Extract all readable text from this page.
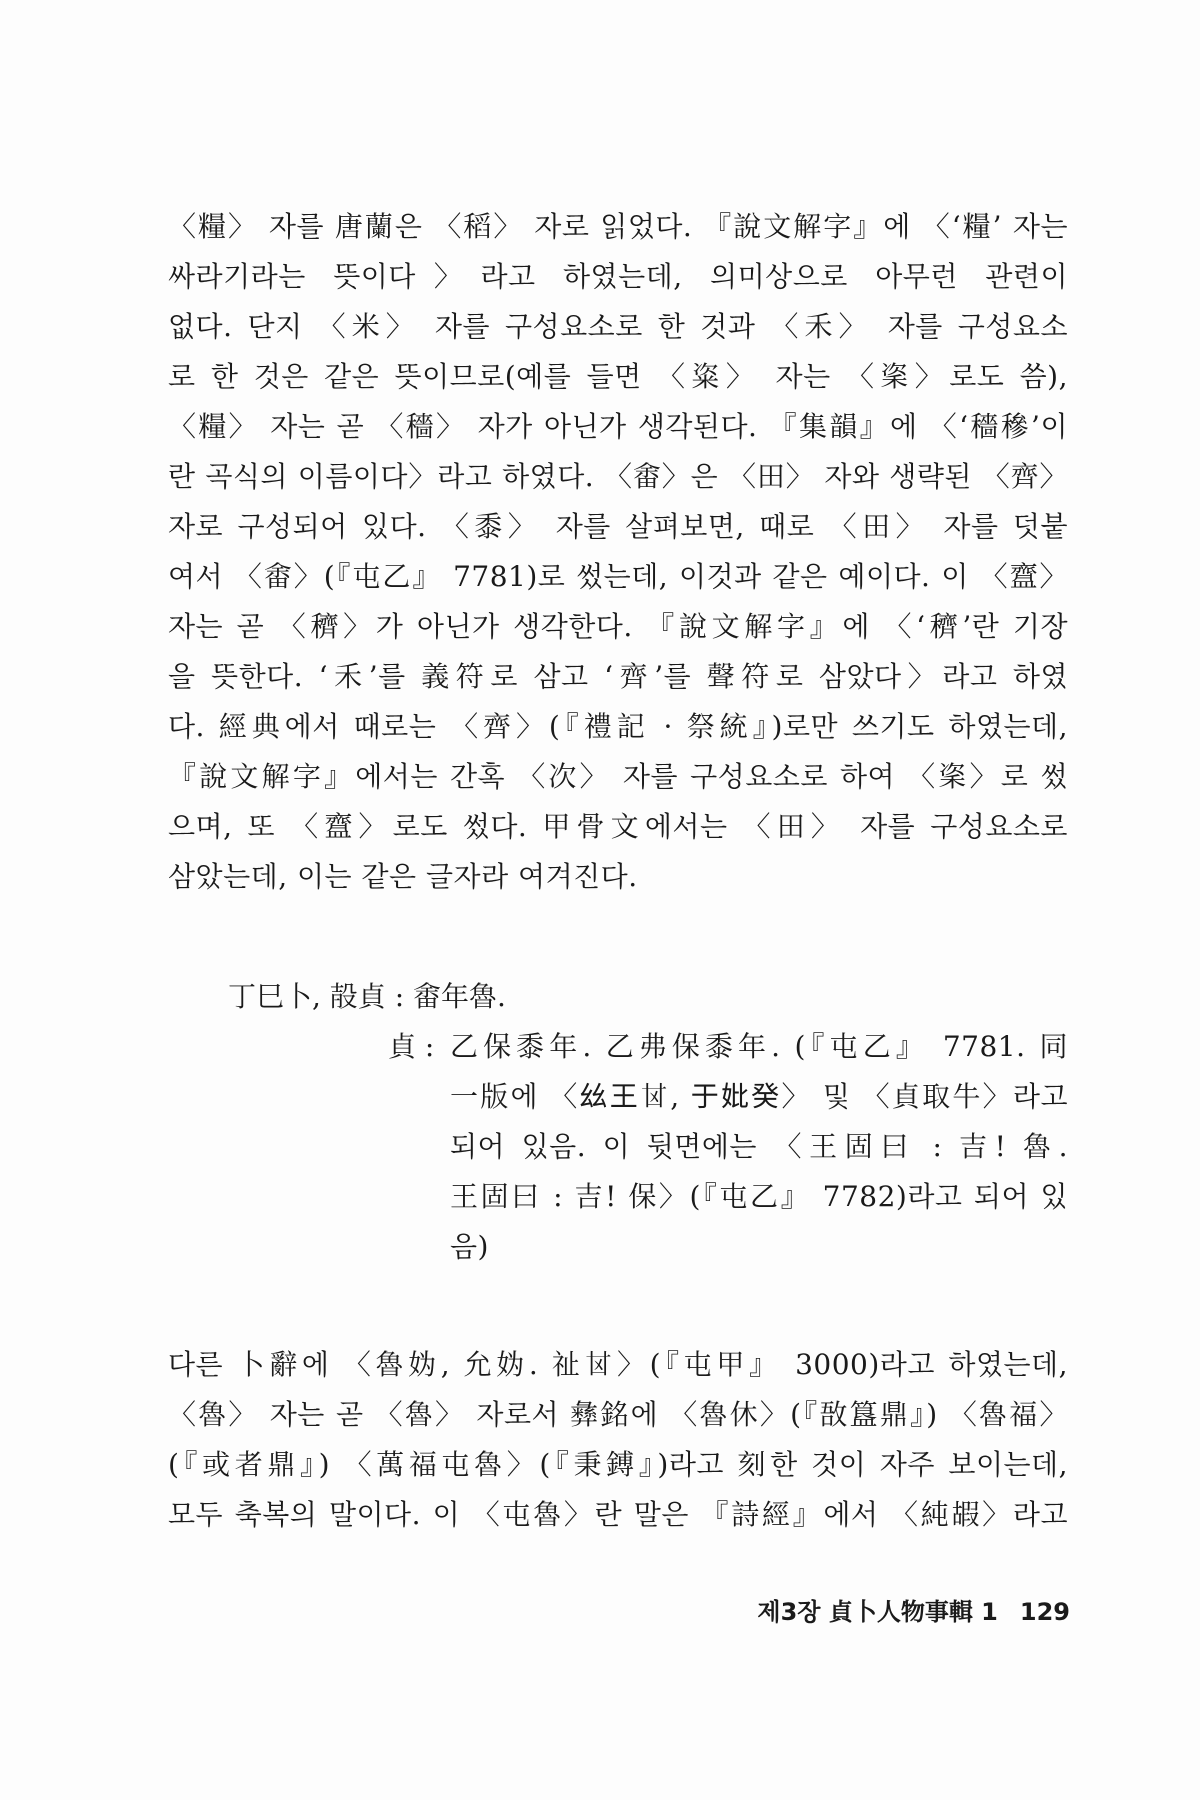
〈糧〉 자를 唐蘭은 〈稻〉 자로 읽었다. 『說文解字』에 〈‘糧’ 자는
싸라기라는 뜻이다〉라고 하였는데, 의미상으로 아무런 관련이
없다. 단지 〈米〉 자를 구성요소로 한 것과 〈禾〉 자를 구성요소
로 한 것은 같은 뜻이므로(예를 들면 〈粢〉 자는 〈秶〉로도 씀),
〈糧〉 자는 곧 〈穡〉 자가 아닌가 생각된다. 『集韻』에 〈‘穡穇’이
란 곡식의 이름이다〉라고 하였다. 〈畬〉은 〈田〉 자와 생략된 〈齊〉
자로 구성되어 있다. 〈黍〉 자를 살펴보면, 때로 〈田〉 자를 덧붙
여서 〈畬〉(『屯乙』 7781)로 썼는데, 이것과 같은 예이다. 이 〈齍〉
자는 곧 〈穧〉가 아닌가 생각한다. 『說文解字』에 〈‘穧’란 기장
을 뜻한다. ‘禾’를 義符로 삼고 ‘齊’를 聲符로 삼았다〉라고 하였
다. 經典에서 때로는 〈齊〉(『禮記 · 祭統』)로만 쓰기도 하였는데,
『說文解字』에서는 간혹 〈次〉 자를 구성요소로 하여 〈秶〉로 썼
으며, 또 〈齍〉로도 썼다. 甲骨文에서는 〈田〉 자를 구성요소로
삼았는데, 이는 같은 글자라 여겨진다.
丁巳卜, 㱿貞 : 畬年魯.
貞 : 乙保黍年. 乙弗保黍年. (『屯乙』 7781. 同
一版에 〈𢆶王𠀠, 于妣癸〉 및 〈貞取牛〉라고
되어 있음. 이 뒷면에는 〈王固曰 : 吉! 魯.
王固曰 : 吉! 保〉(『屯乙』 7782)라고 되어 있
음)
다른 卜辭에 〈魯妫, 允妫. 祉𠀠〉(『屯甲』 3000)라고 하였는데,
〈魯〉 자는 곧 〈魯〉 자로서 彝銘에 〈魯休〉(『敔簋鼎』) 〈魯福〉
(『或者鼎』) 〈萬福屯魯〉(『秉鎛』)라고 刻한 것이 자주 보이는데,
모두 축복의 말이다. 이 〈屯魯〉란 말은 『詩經』에서 〈純嘏〉라고
제3장 貞卜人物事輯 1 129
